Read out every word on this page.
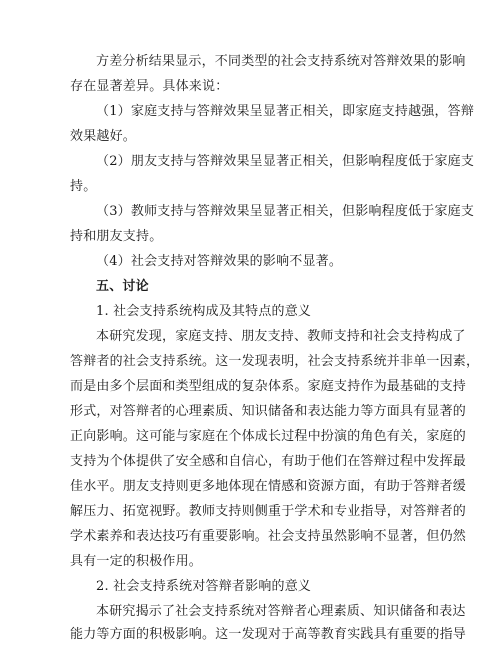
方差分析结果显示，不同类型的社会支持系统对答辩效果的影响
存在显著差异。具体来说：
（1）家庭支持与答辩效果呈显著正相关，即家庭支持越强，答辩
效果越好。
（2）朋友支持与答辩效果呈显著正相关，但影响程度低于家庭支
持。
（3）教师支持与答辩效果呈显著正相关，但影响程度低于家庭支
持和朋友支持。
（4）社会支持对答辩效果的影响不显著。
五、讨论
1. 社会支持系统构成及其特点的意义
本研究发现，家庭支持、朋友支持、教师支持和社会支持构成了
答辩者的社会支持系统。这一发现表明，社会支持系统并非单一因素，
而是由多个层面和类型组成的复杂体系。家庭支持作为最基础的支持
形式，对答辩者的心理素质、知识储备和表达能力等方面具有显著的
正向影响。这可能与家庭在个体成长过程中扮演的角色有关，家庭的
支持为个体提供了安全感和自信心，有助于他们在答辩过程中发挥最
佳水平。朋友支持则更多地体现在情感和资源方面，有助于答辩者缓
解压力、拓宽视野。教师支持则侧重于学术和专业指导，对答辩者的
学术素养和表达技巧有重要影响。社会支持虽然影响不显著，但仍然
具有一定的积极作用。
2. 社会支持系统对答辩者影响的意义
本研究揭示了社会支持系统对答辩者心理素质、知识储备和表达
能力等方面的积极影响。这一发现对于高等教育实践具有重要的指导
